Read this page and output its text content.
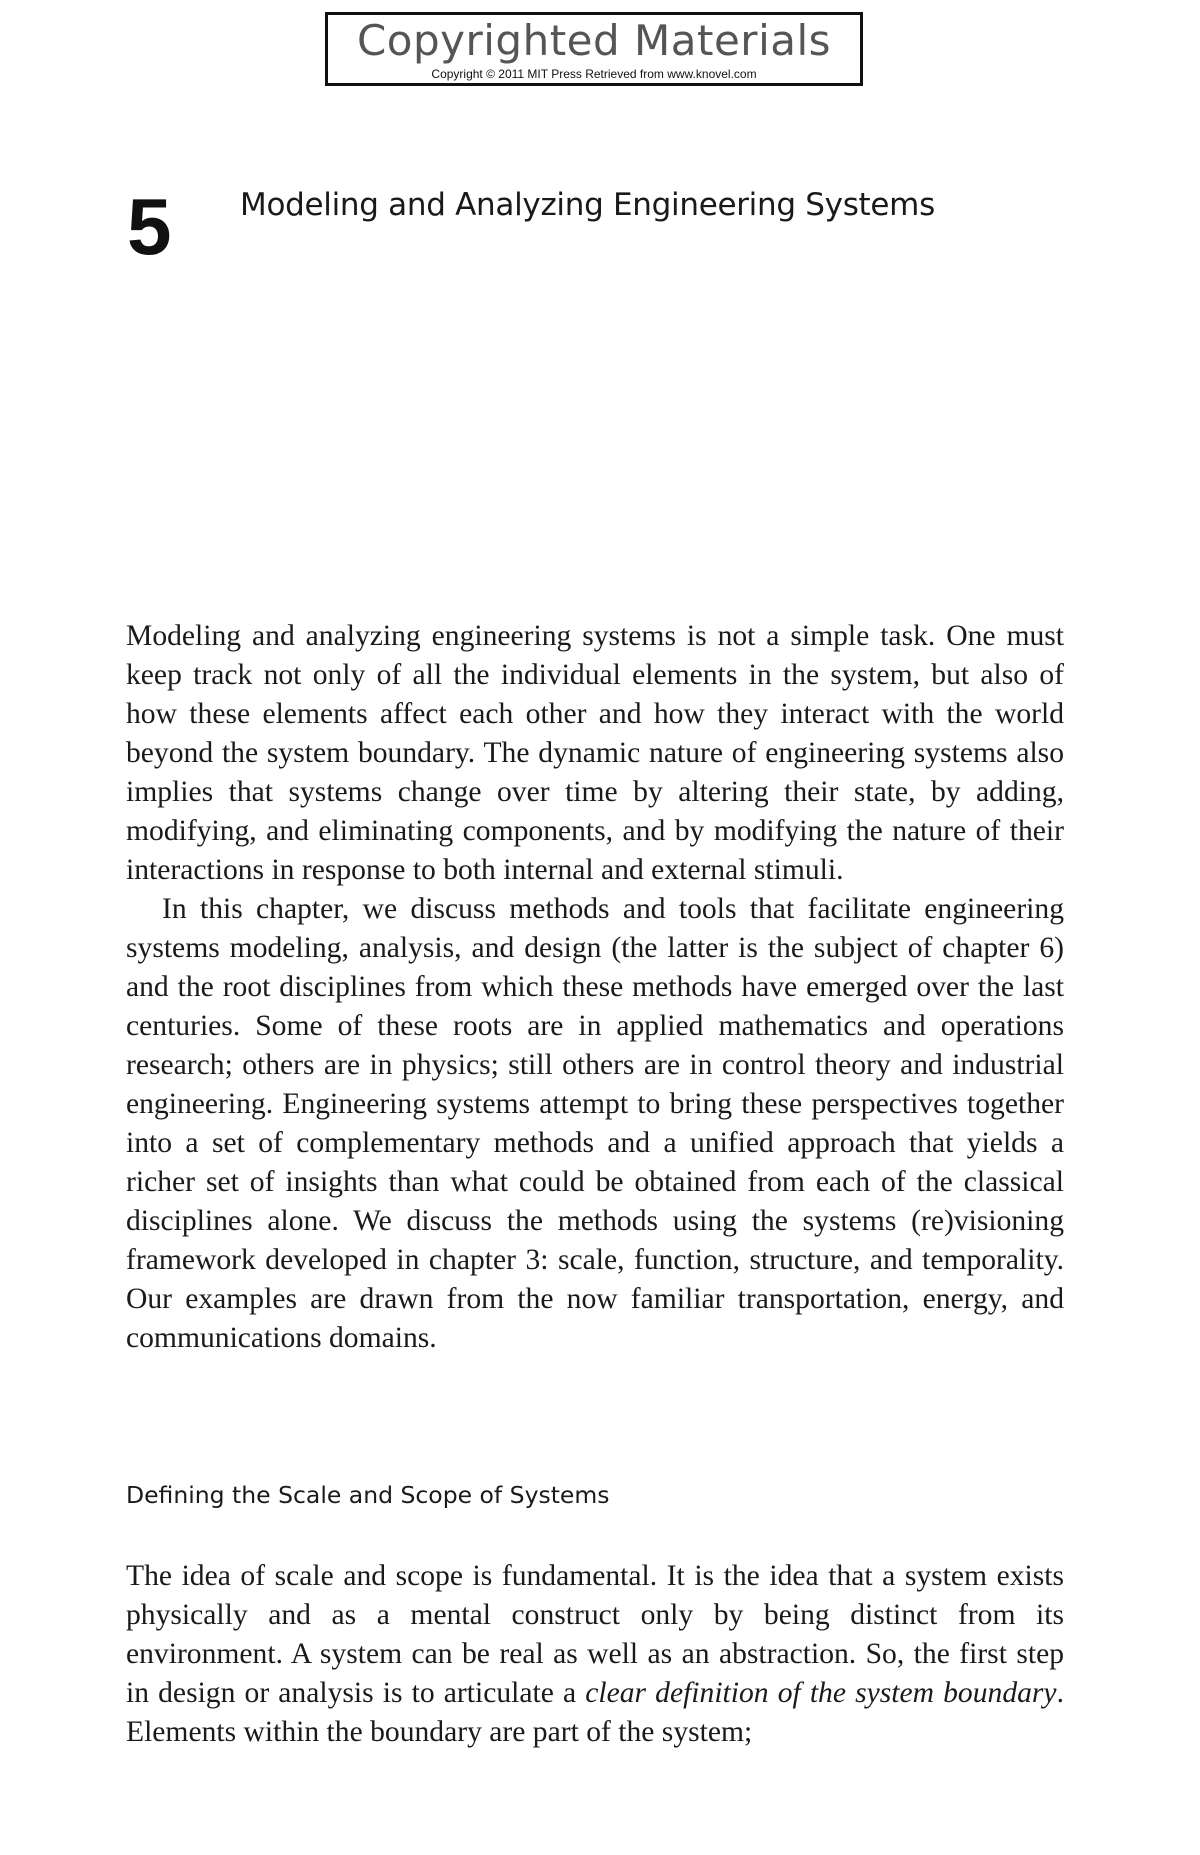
Copyrighted Materials
Copyright © 2011 MIT Press Retrieved from www.knovel.com
5 Modeling and Analyzing Engineering Systems

Modeling and analyzing engineering systems is not a simple task. One must keep track not only of all the individual elements in the system, but also of how these elements affect each other and how they interact with the world beyond the system boundary. The dynamic nature of engineering systems also implies that systems change over time by altering their state, by adding, modifying, and eliminating components, and by modifying the nature of their interactions in response to both internal and external stimuli.

In this chapter, we discuss methods and tools that facilitate engineering systems modeling, analysis, and design (the latter is the subject of chapter 6) and the root disciplines from which these methods have emerged over the last centuries. Some of these roots are in applied mathematics and operations research; others are in physics; still others are in control theory and industrial engineering. Engineering systems attempt to bring these perspectives together into a set of complementary methods and a unified approach that yields a richer set of insights than what could be obtained from each of the classical disciplines alone. We discuss the methods using the systems (re)visioning framework developed in chapter 3: scale, function, structure, and temporality. Our examples are drawn from the now familiar transportation, energy, and communications domains.

Defining the Scale and Scope of Systems

The idea of scale and scope is fundamental. It is the idea that a system exists physically and as a mental construct only by being distinct from its environment. A system can be real as well as an abstraction. So, the first step in design or analysis is to articulate a clear definition of the system boundary. Elements within the boundary are part of the system;
